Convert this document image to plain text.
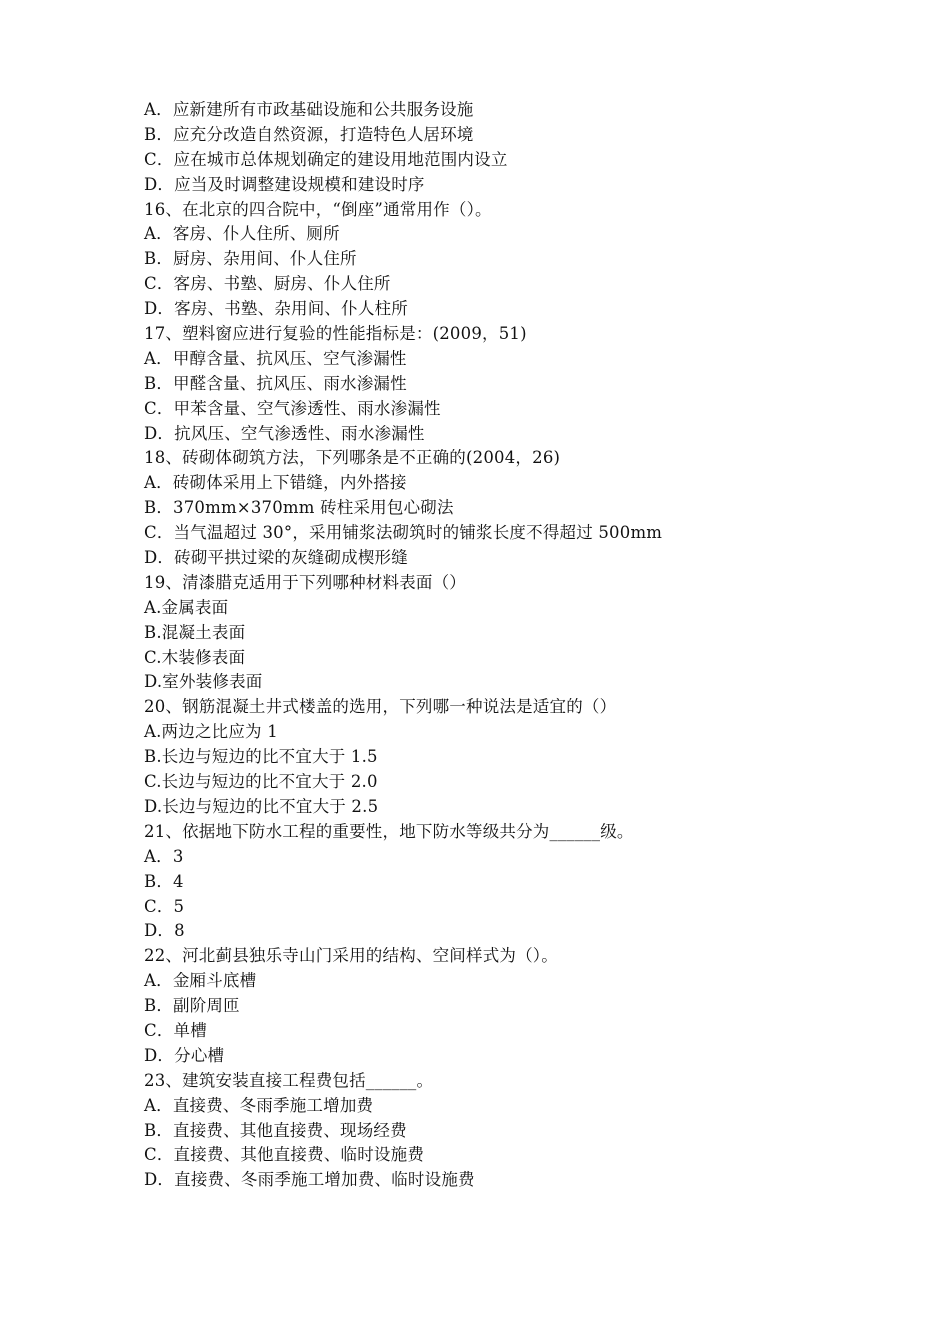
A．应新建所有市政基础设施和公共服务设施
B．应充分改造自然资源，打造特色人居环境
C．应在城市总体规划确定的建设用地范围内设立
D．应当及时调整建设规模和建设时序
16、在北京的四合院中，“倒座”通常用作（）。
A．客房、仆人住所、厕所
B．厨房、杂用间、仆人住所
C．客房、书塾、厨房、仆人住所
D．客房、书塾、杂用间、仆人柱所
17、塑料窗应进行复验的性能指标是：(2009，51)
A．甲醇含量、抗风压、空气渗漏性
B．甲醛含量、抗风压、雨水渗漏性
C．甲苯含量、空气渗透性、雨水渗漏性
D．抗风压、空气渗透性、雨水渗漏性
18、砖砌体砌筑方法，下列哪条是不正确的(2004，26)
A．砖砌体采用上下错缝，内外搭接
B．370mm×370mm 砖柱采用包心砌法
C．当气温超过 30°，采用铺浆法砌筑时的铺浆长度不得超过 500mm
D．砖砌平拱过梁的灰缝砌成楔形缝
19、清漆腊克适用于下列哪种材料表面（）
A.金属表面
B.混凝土表面
C.木装修表面
D.室外装修表面
20、钢筋混凝土井式楼盖的选用，下列哪一种说法是适宜的（）
A.两边之比应为 1
B.长边与短边的比不宜大于 1.5
C.长边与短边的比不宜大于 2.0
D.长边与短边的比不宜大于 2.5
21、依据地下防水工程的重要性，地下防水等级共分为______级。
A．3
B．4
C．5
D．8
22、河北蓟县独乐寺山门采用的结构、空间样式为（）。
A．金厢斗底槽
B．副阶周匝
C．单槽
D．分心槽
23、建筑安装直接工程费包括______。
A．直接费、冬雨季施工增加费
B．直接费、其他直接费、现场经费
C．直接费、其他直接费、临时设施费
D．直接费、冬雨季施工增加费、临时设施费
